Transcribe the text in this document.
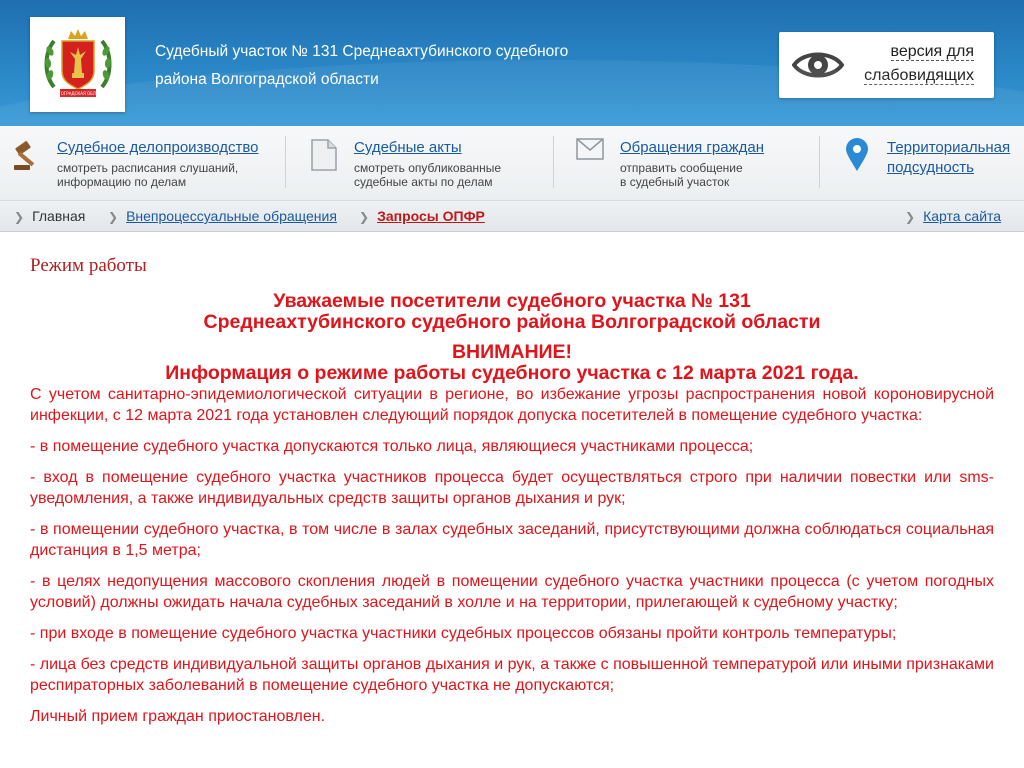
ВОЛГОГРАДСКАЯ ОБЛАСТЬ
Судебный участок № 131 Среднеахтубинского судебного
района Волгоградской области
версия для
слабовидящих
Судебное делопроизводство
смотреть расписания слушаний,
информацию по делам
Судебные акты
смотреть опубликованные
судебные акты по делам
Обращения граждан
отправить сообщение
в судебный участок
Территориальная
подсудность
❯ Главная ❯ Внепроцессуальные обращения ❯ Запросы ОПФР	❯ Карта сайта
Режим работы
Уважаемые посетители судебного участка № 131
Среднеахтубинского судебного района Волгоградской области
ВНИМАНИЕ!
Информация о режиме работы судебного участка с 12 марта 2021 года.

С учетом санитарно-эпидемиологической ситуации в регионе, во избежание угрозы распространения новой короновирусной инфекции, с 12 марта 2021 года установлен следующий порядок допуска посетителей в помещение судебного участка:

- в помещение судебного участка допускаются только лица, являющиеся участниками процесса;

- вход в помещение судебного участка участников процесса будет осуществляться строго при наличии повестки или sms-уведомления, а также индивидуальных средств защиты органов дыхания и рук;

- в помещении судебного участка, в том числе в залах судебных заседаний, присутствующими должна соблюдаться социальная дистанция в 1,5 метра;

- в целях недопущения массового скопления людей в помещении судебного участка участники процесса (с учетом погодных условий) должны ожидать начала судебных заседаний в холле и на территории, прилегающей к судебному участку;

- при входе в помещение судебного участка участники судебных процессов обязаны пройти контроль температуры;

- лица без средств индивидуальной защиты органов дыхания и рук, а также с повышенной температурой или иными признаками респираторных заболеваний в помещение судебного участка не допускаются;

Личный прием граждан приостановлен.
